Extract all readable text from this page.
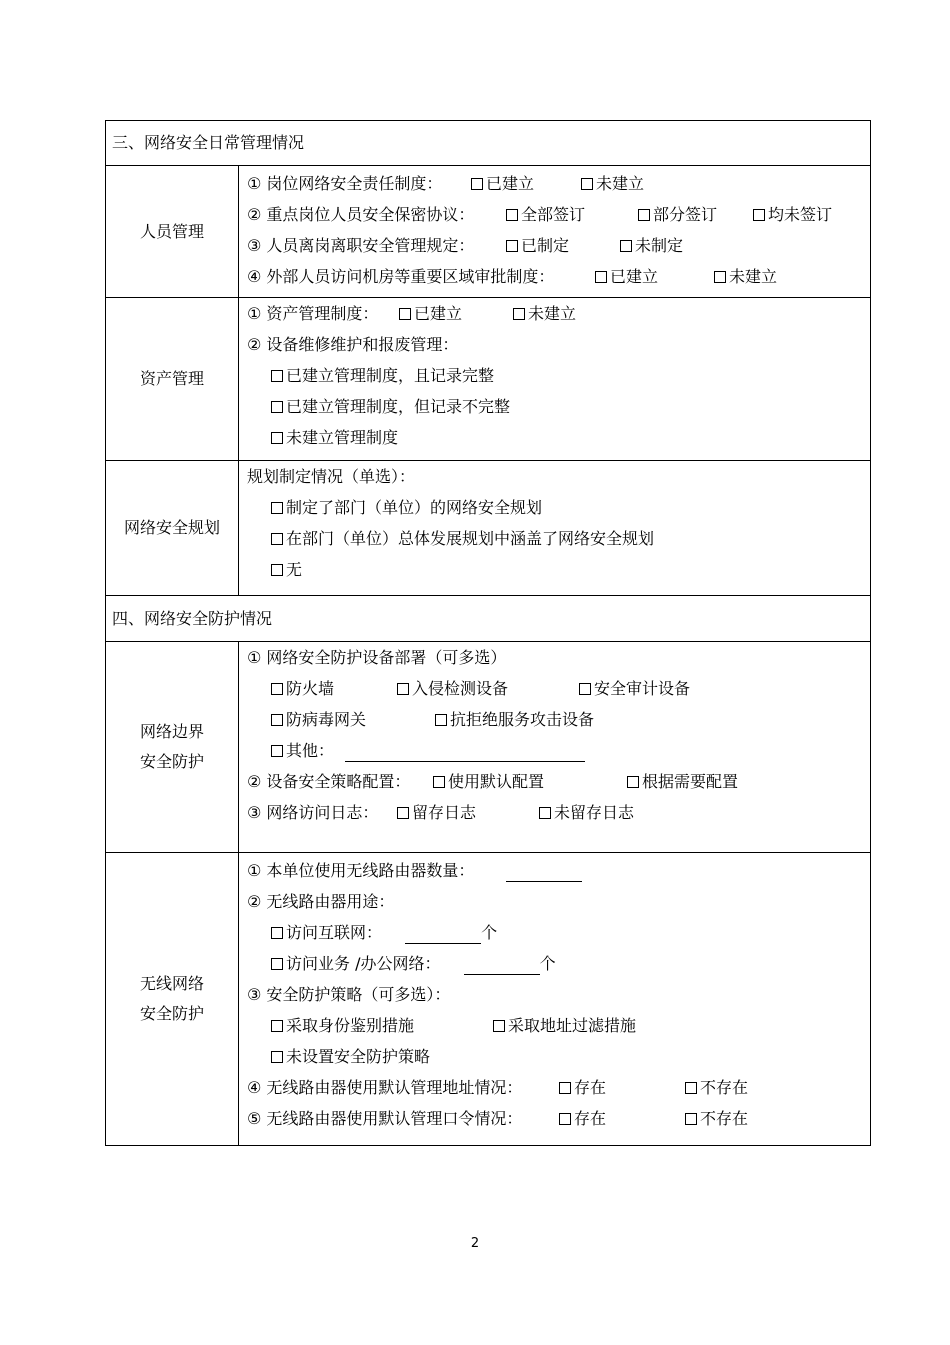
三、网络安全日常管理情况
人员管理
① 岗位网络安全责任制度：	已建立	未建立
② 重点岗位人员安全保密协议：	全部签订	部分签订	均未签订
③ 人员离岗离职安全管理规定：	已制定	未制定
④ 外部人员访问机房等重要区域审批制度：	已建立	未建立
资产管理
① 资产管理制度：	已建立	未建立
② 设备维修维护和报废管理：
已建立管理制度，且记录完整
已建立管理制度，但记录不完整
未建立管理制度
网络安全规划
规划制定情况（单选）：
制定了部门（单位）的网络安全规划
在部门（单位）总体发展规划中涵盖了网络安全规划
无
四、网络安全防护情况
网络边界
安全防护
① 网络安全防护设备部署（可多选）
防火墙	入侵检测设备	安全审计设备
防病毒网关	抗拒绝服务攻击设备
其他：
② 设备安全策略配置：	使用默认配置	根据需要配置
③ 网络访问日志：	留存日志	未留存日志
无线网络
安全防护
① 本单位使用无线路由器数量：
② 无线路由器用途：
访问互联网：	个
访问业务 /办公网络：	个
③ 安全防护策略（可多选）：
采取身份鉴别措施	采取地址过滤措施
未设置安全防护策略
④ 无线路由器使用默认管理地址情况：	存在	不存在
⑤ 无线路由器使用默认管理口令情况：	存在	不存在
2
